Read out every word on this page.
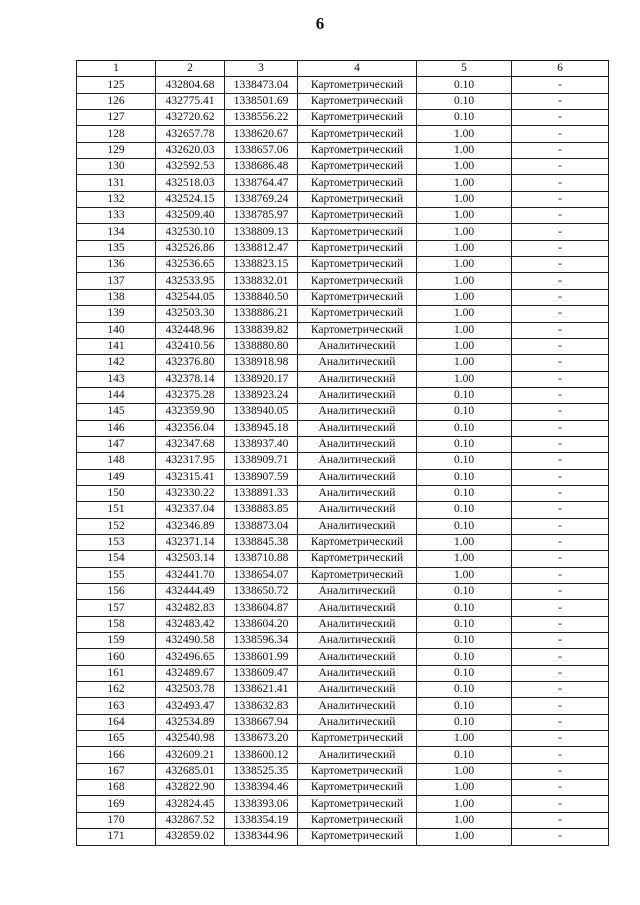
6
1	2	3	4	5	6
125	432804.68	1338473.04	Картометрический	0.10	-
126	432775.41	1338501.69	Картометрический	0.10	-
127	432720.62	1338556.22	Картометрический	0.10	-
128	432657.78	1338620.67	Картометрический	1.00	-
129	432620.03	1338657.06	Картометрический	1.00	-
130	432592.53	1338686.48	Картометрический	1.00	-
131	432518.03	1338764.47	Картометрический	1.00	-
132	432524.15	1338769.24	Картометрический	1.00	-
133	432509.40	1338785.97	Картометрический	1.00	-
134	432530.10	1338809.13	Картометрический	1.00	-
135	432526.86	1338812.47	Картометрический	1.00	-
136	432536.65	1338823.15	Картометрический	1.00	-
137	432533.95	1338832.01	Картометрический	1.00	-
138	432544.05	1338840.50	Картометрический	1.00	-
139	432503.30	1338886.21	Картометрический	1.00	-
140	432448.96	1338839.82	Картометрический	1.00	-
141	432410.56	1338880.80	Аналитический	1.00	-
142	432376.80	1338918.98	Аналитический	1.00	-
143	432378.14	1338920.17	Аналитический	1.00	-
144	432375.28	1338923.24	Аналитический	0.10	-
145	432359.90	1338940.05	Аналитический	0.10	-
146	432356.04	1338945.18	Аналитический	0.10	-
147	432347.68	1338937.40	Аналитический	0.10	-
148	432317.95	1338909.71	Аналитический	0.10	-
149	432315.41	1338907.59	Аналитический	0.10	-
150	432330.22	1338891.33	Аналитический	0.10	-
151	432337.04	1338883.85	Аналитический	0.10	-
152	432346.89	1338873.04	Аналитический	0.10	-
153	432371.14	1338845.38	Картометрический	1.00	-
154	432503.14	1338710.88	Картометрический	1.00	-
155	432441.70	1338654.07	Картометрический	1.00	-
156	432444.49	1338650.72	Аналитический	0.10	-
157	432482.83	1338604.87	Аналитический	0.10	-
158	432483.42	1338604.20	Аналитический	0.10	-
159	432490.58	1338596.34	Аналитический	0.10	-
160	432496.65	1338601.99	Аналитический	0.10	-
161	432489.67	1338609.47	Аналитический	0.10	-
162	432503.78	1338621.41	Аналитический	0.10	-
163	432493.47	1338632.83	Аналитический	0.10	-
164	432534.89	1338667.94	Аналитический	0.10	-
165	432540.98	1338673.20	Картометрический	1.00	-
166	432609.21	1338600.12	Аналитический	0.10	-
167	432685.01	1338525.35	Картометрический	1.00	-
168	432822.90	1338394.46	Картометрический	1.00	-
169	432824.45	1338393.06	Картометрический	1.00	-
170	432867.52	1338354.19	Картометрический	1.00	-
171	432859.02	1338344.96	Картометрический	1.00	-
